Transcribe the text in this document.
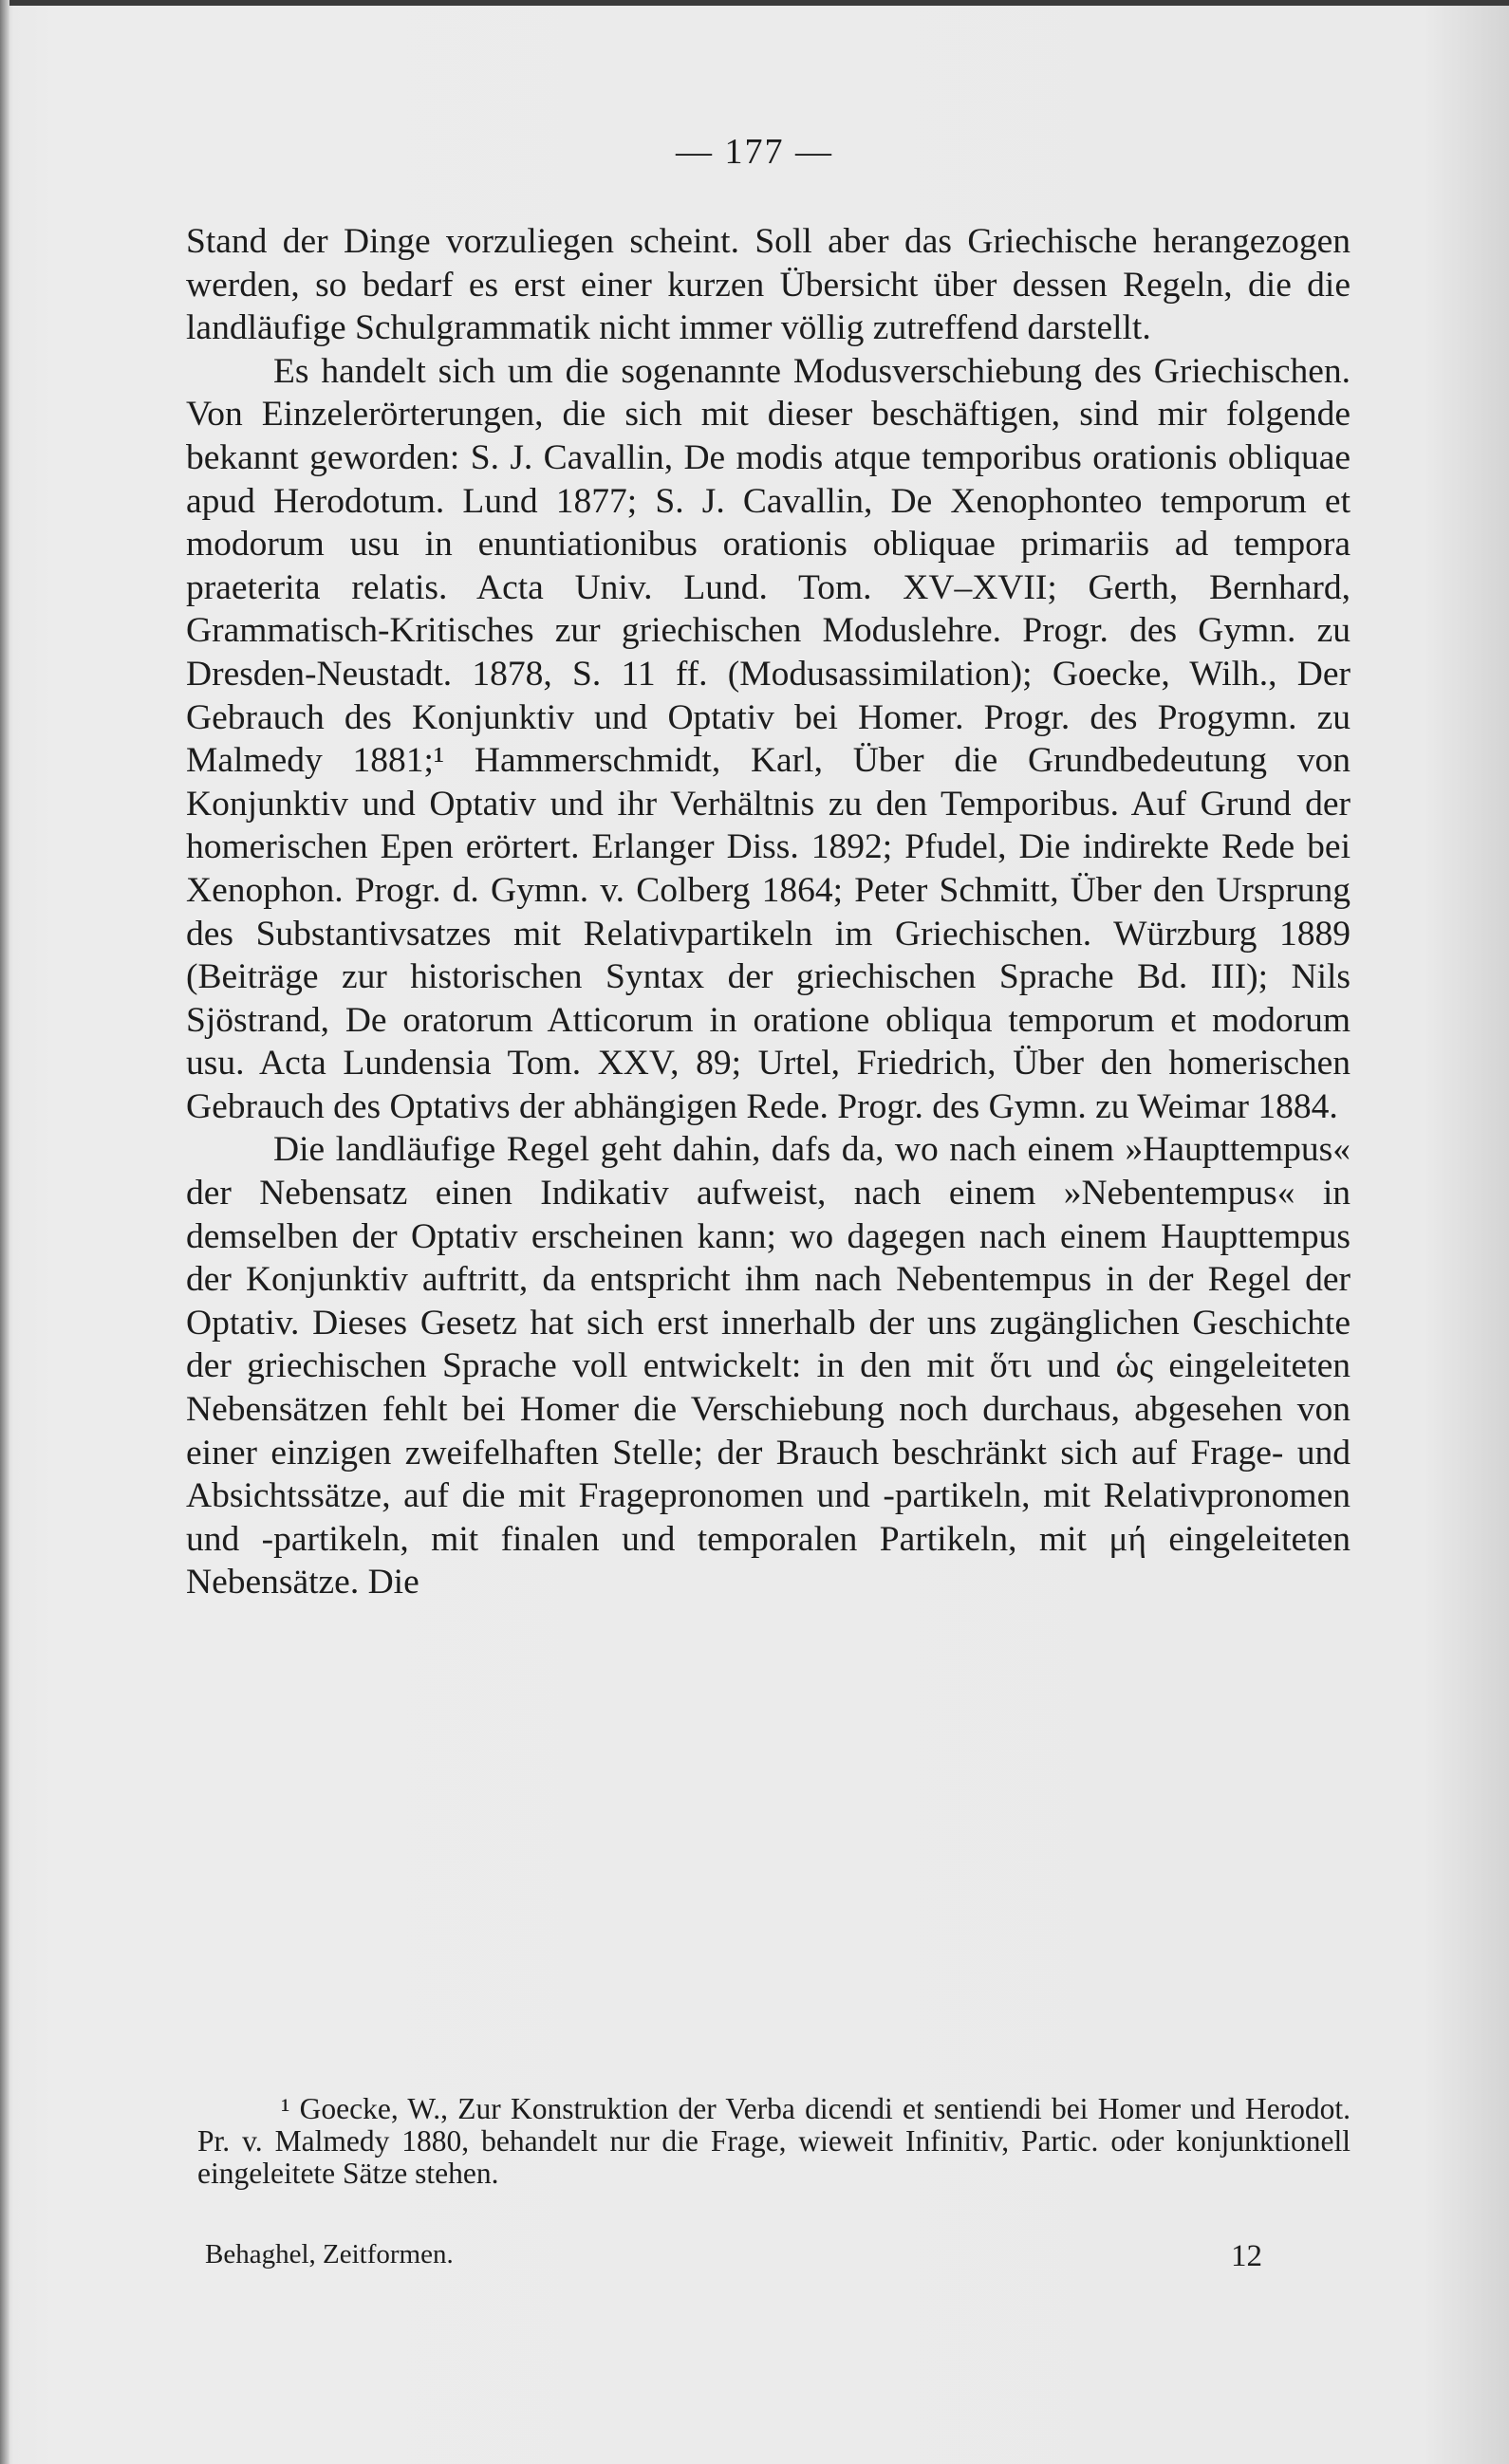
— 177 —

Stand der Dinge vorzuliegen scheint. Soll aber das Griechische herangezogen werden, so bedarf es erst einer kurzen Übersicht über dessen Regeln, die die landläufige Schulgrammatik nicht immer völlig zutreffend darstellt.

Es handelt sich um die sogenannte Modusverschiebung des Griechischen. Von Einzelerörterungen, die sich mit dieser beschäftigen, sind mir folgende bekannt geworden: S. J. Cavallin, De modis atque temporibus orationis obliquae apud Herodotum. Lund 1877; S. J. Cavallin, De Xenophonteo temporum et modorum usu in enuntiationibus orationis obliquae primariis ad tempora praeterita relatis. Acta Univ. Lund. Tom. XV–XVII; Gerth, Bernhard, Grammatisch-Kritisches zur griechischen Moduslehre. Progr. des Gymn. zu Dresden-Neustadt. 1878, S. 11 ff. (Modusassimilation); Goecke, Wilh., Der Gebrauch des Konjunktiv und Optativ bei Homer. Progr. des Progymn. zu Malmedy 1881;¹ Hammerschmidt, Karl, Über die Grundbedeutung von Konjunktiv und Optativ und ihr Verhältnis zu den Temporibus. Auf Grund der homerischen Epen erörtert. Erlanger Diss. 1892; Pfudel, Die indirekte Rede bei Xenophon. Progr. d. Gymn. v. Colberg 1864; Peter Schmitt, Über den Ursprung des Substantivsatzes mit Relativpartikeln im Griechischen. Würzburg 1889 (Beiträge zur historischen Syntax der griechischen Sprache Bd. III); Nils Sjöstrand, De oratorum Atticorum in oratione obliqua temporum et modorum usu. Acta Lundensia Tom. XXV, 89; Urtel, Friedrich, Über den homerischen Gebrauch des Optativs der abhängigen Rede. Progr. des Gymn. zu Weimar 1884.

Die landläufige Regel geht dahin, dafs da, wo nach einem »Haupttempus« der Nebensatz einen Indikativ aufweist, nach einem »Nebentempus« in demselben der Optativ erscheinen kann; wo dagegen nach einem Haupttempus der Konjunktiv auftritt, da entspricht ihm nach Nebentempus in der Regel der Optativ. Dieses Gesetz hat sich erst innerhalb der uns zugänglichen Geschichte der griechischen Sprache voll entwickelt: in den mit ὅτι und ὡς eingeleiteten Nebensätzen fehlt bei Homer die Verschiebung noch durchaus, abgesehen von einer einzigen zweifelhaften Stelle; der Brauch beschränkt sich auf Frage- und Absichtssätze, auf die mit Fragepronomen und -partikeln, mit Relativpronomen und -partikeln, mit finalen und temporalen Partikeln, mit μή eingeleiteten Nebensätze. Die

¹ Goecke, W., Zur Konstruktion der Verba dicendi et sentiendi bei Homer und Herodot. Pr. v. Malmedy 1880, behandelt nur die Frage, wieweit Infinitiv, Partic. oder konjunktionell eingeleitete Sätze stehen.
Behaghel, Zeitformen.	12
